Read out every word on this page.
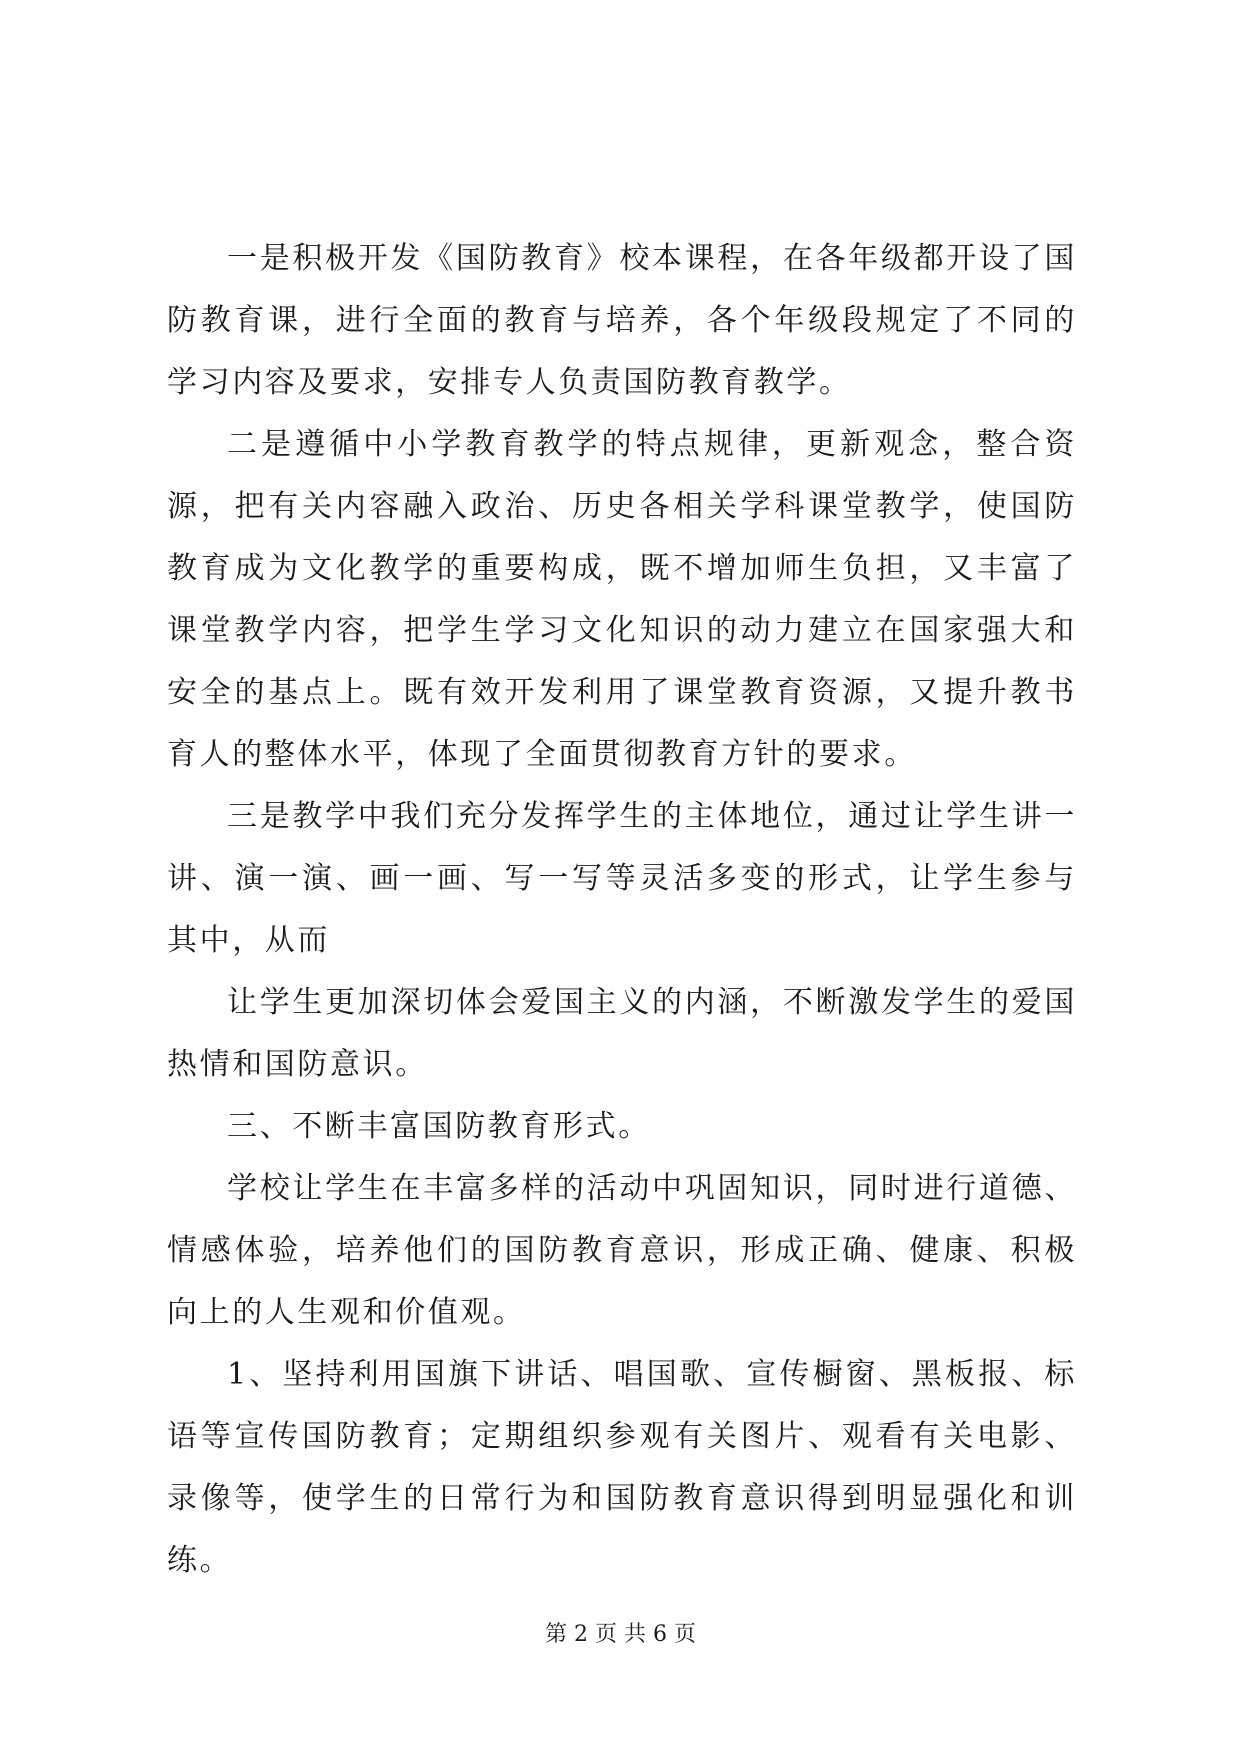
一是积极开发《国防教育》校本课程，在各年级都开设了国防教育课，进行全面的教育与培养，各个年级段规定了不同的学习内容及要求，安排专人负责国防教育教学。

二是遵循中小学教育教学的特点规律，更新观念，整合资源，把有关内容融入政治、历史各相关学科课堂教学，使国防教育成为文化教学的重要构成，既不增加师生负担，又丰富了课堂教学内容，把学生学习文化知识的动力建立在国家强大和安全的基点上。既有效开发利用了课堂教育资源，又提升教书育人的整体水平，体现了全面贯彻教育方针的要求。

三是教学中我们充分发挥学生的主体地位，通过让学生讲一讲、演一演、画一画、写一写等灵活多变的形式，让学生参与其中，从而

让学生更加深切体会爱国主义的内涵，不断激发学生的爱国热情和国防意识。

三、不断丰富国防教育形式。

学校让学生在丰富多样的活动中巩固知识，同时进行道德、情感体验，培养他们的国防教育意识，形成正确、健康、积极向上的人生观和价值观。

1、坚持利用国旗下讲话、唱国歌、宣传橱窗、黑板报、标语等宣传国防教育；定期组织参观有关图片、观看有关电影、录像等，使学生的日常行为和国防教育意识得到明显强化和训练。

第 2 页 共 6 页
